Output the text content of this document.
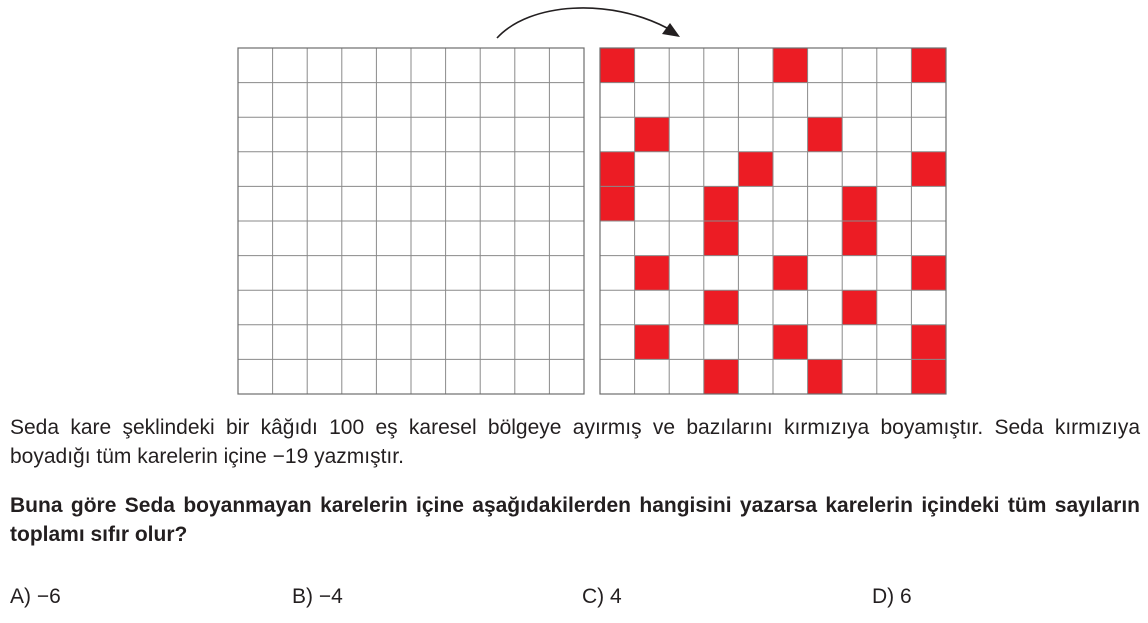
Seda kare şeklindeki bir kâğıdı 100 eş karesel bölgeye ayırmış ve bazılarını kırmızıya boyamıştır. Seda kırmızıya boyadığı tüm karelerin içine −19 yazmıştır.
Buna göre Seda boyanmayan karelerin içine aşağıdakilerden hangisini yazarsa karelerin içindeki tüm sayıların toplamı sıfır olur?
A) −6	B) −4	C) 4	D) 6
